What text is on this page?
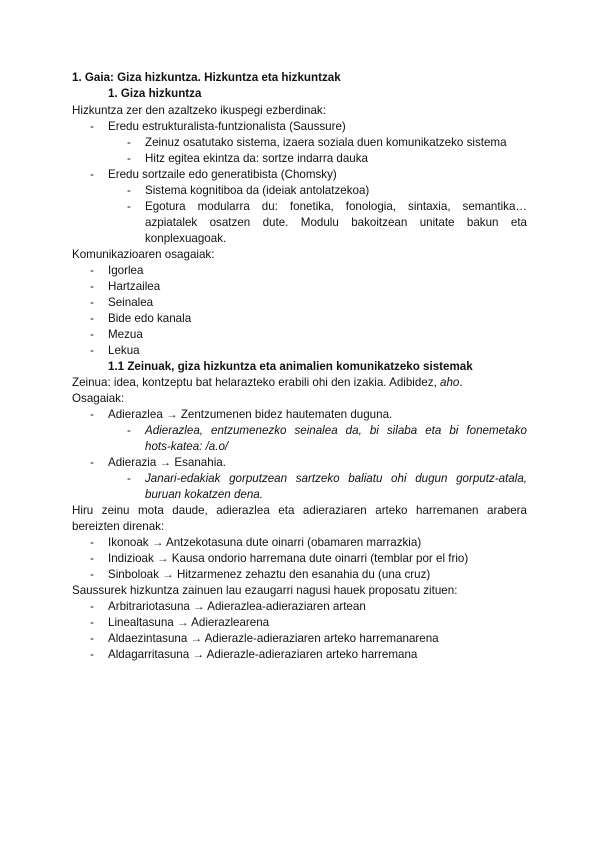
1. Gaia: Giza hizkuntza. Hizkuntza eta hizkuntzak
1. Giza hizkuntza
Hizkuntza zer den azaltzeko ikuspegi ezberdinak:
- Eredu estrukturalista-funtzionalista (Saussure)
- Zeinuz osatutako sistema, izaera soziala duen komunikatzeko sistema
- Hitz egitea ekintza da: sortze indarra dauka
- Eredu sortzaile edo generatibista (Chomsky)
- Sistema kognitiboa da (ideiak antolatzekoa)
- Egotura modularra du: fonetika, fonologia, sintaxia, semantika…
azpiatalek osatzen dute. Modulu bakoitzean unitate bakun eta
konplexuagoak.
Komunikazioaren osagaiak:
- Igorlea
- Hartzailea
- Seinalea
- Bide edo kanala
- Mezua
- Lekua
1.1 Zeinuak, giza hizkuntza eta animalien komunikatzeko sistemak
Zeinua: idea, kontzeptu bat helarazteko erabili ohi den izakia. Adibidez, aho.
Osagaiak:
- Adierazlea → Zentzumenen bidez hautematen duguna.
- Adierazlea, entzumenezko seinalea da, bi silaba eta bi fonemetako
hots-katea: /a.o/
- Adierazia → Esanahia.
- Janari-edakiak gorputzean sartzeko baliatu ohi dugun gorputz-atala,
buruan kokatzen dena.
Hiru zeinu mota daude, adierazlea eta adieraziaren arteko harremanen arabera
bereizten direnak:
- Ikonoak → Antzekotasuna dute oinarri (obamaren marrazkia)
- Indizioak → Kausa ondorio harremana dute oinarri (temblar por el frio)
- Sinboloak → Hitzarmenez zehaztu den esanahia du (una cruz)
Saussurek hizkuntza zainuen lau ezaugarri nagusi hauek proposatu zituen:
- Arbitrariotasuna → Adierazlea-adieraziaren artean
- Linealtasuna → Adierazlearena
- Aldaezintasuna → Adierazle-adieraziaren arteko harremanarena
- Aldagarritasuna → Adierazle-adieraziaren arteko harremana
